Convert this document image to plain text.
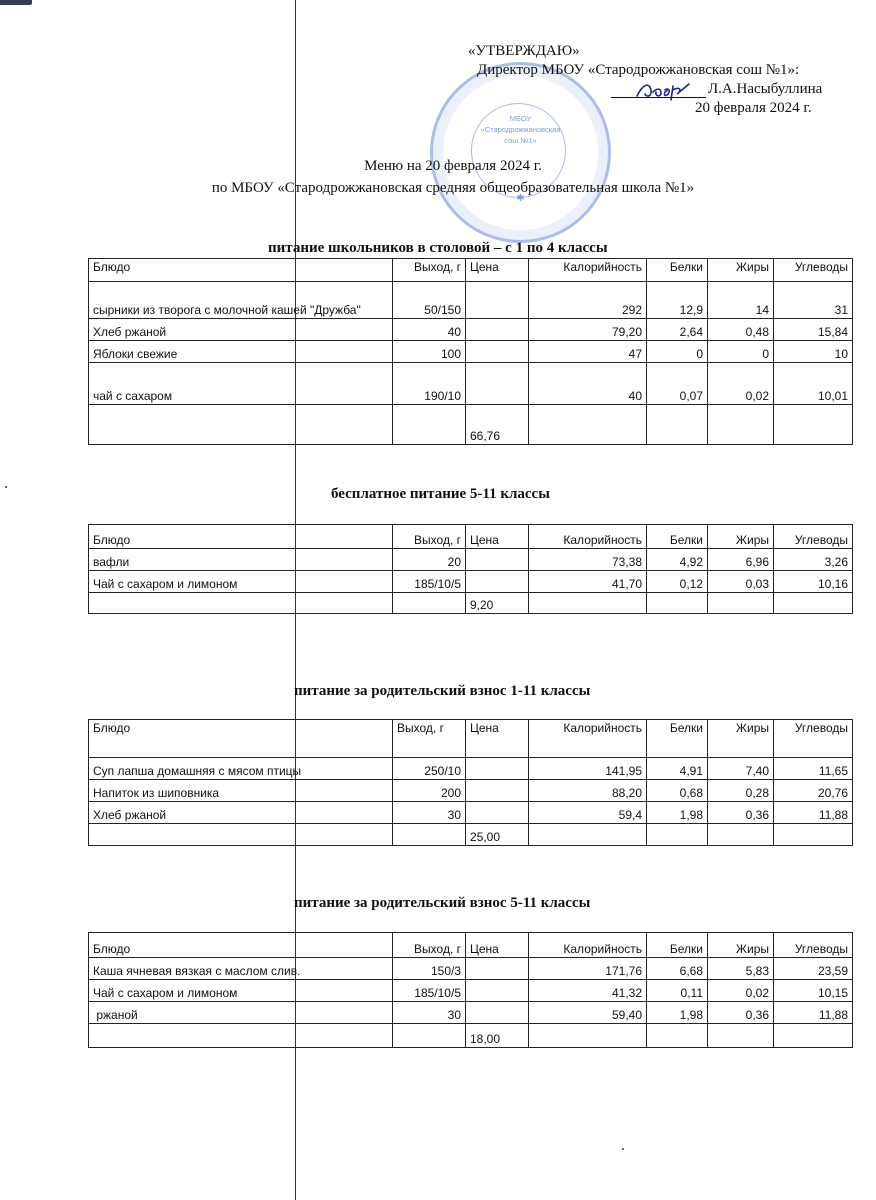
МБОУ
«Стародрожжановская
сош №1»
✱
«УТВЕРЖДАЮ»
Директор МБОУ «Стародрожжановская сош №1»:
Л.А.Насыбуллина
20 февраля 2024 г.
Меню на 20 февраля 2024 г.
по МБОУ «Стародрожжановская средняя общеобразовательная школа №1»
питание школьников в столовой – с 1 по 4 классы
Блюдо	Выход, г	Цена	Калорийность	Белки	Жиры	Углеводы
сырники из творога с молочной кашей "Дружба"	50/150		292	12,9	14	31
Хлеб ржаной	40		79,20	2,64	0,48	15,84
Яблоки свежие	100		47	0	0	10
чай с сахаром	190/10		40	0,07	0,02	10,01
		66,76				
бесплатное питание 5-11 классы
Блюдо	Выход, г	Цена	Калорийность	Белки	Жиры	Углеводы
вафли	20		73,38	4,92	6,96	3,26
Чай с сахаром и лимоном	185/10/5		41,70	0,12	0,03	10,16
		9,20				
питание за родительский взнос 1-11 классы
Блюдо	Выход, г	Цена	Калорийность	Белки	Жиры	Углеводы
Суп лапша домашняя с мясом птицы	250/10		141,95	4,91	7,40	11,65
Напиток из шиповника	200		88,20	0,68	0,28	20,76
Хлеб ржаной	30		59,4	1,98	0,36	11,88
		25,00				
питание за родительский взнос 5-11 классы
Блюдо	Выход, г	Цена	Калорийность	Белки	Жиры	Углеводы
Каша ячневая вязкая с маслом слив.	150/3		171,76	6,68	5,83	23,59
Чай с сахаром и лимоном	185/10/5		41,32	0,11	0,02	10,15
ржаной	30		59,40	1,98	0,36	11,88
		18,00				
